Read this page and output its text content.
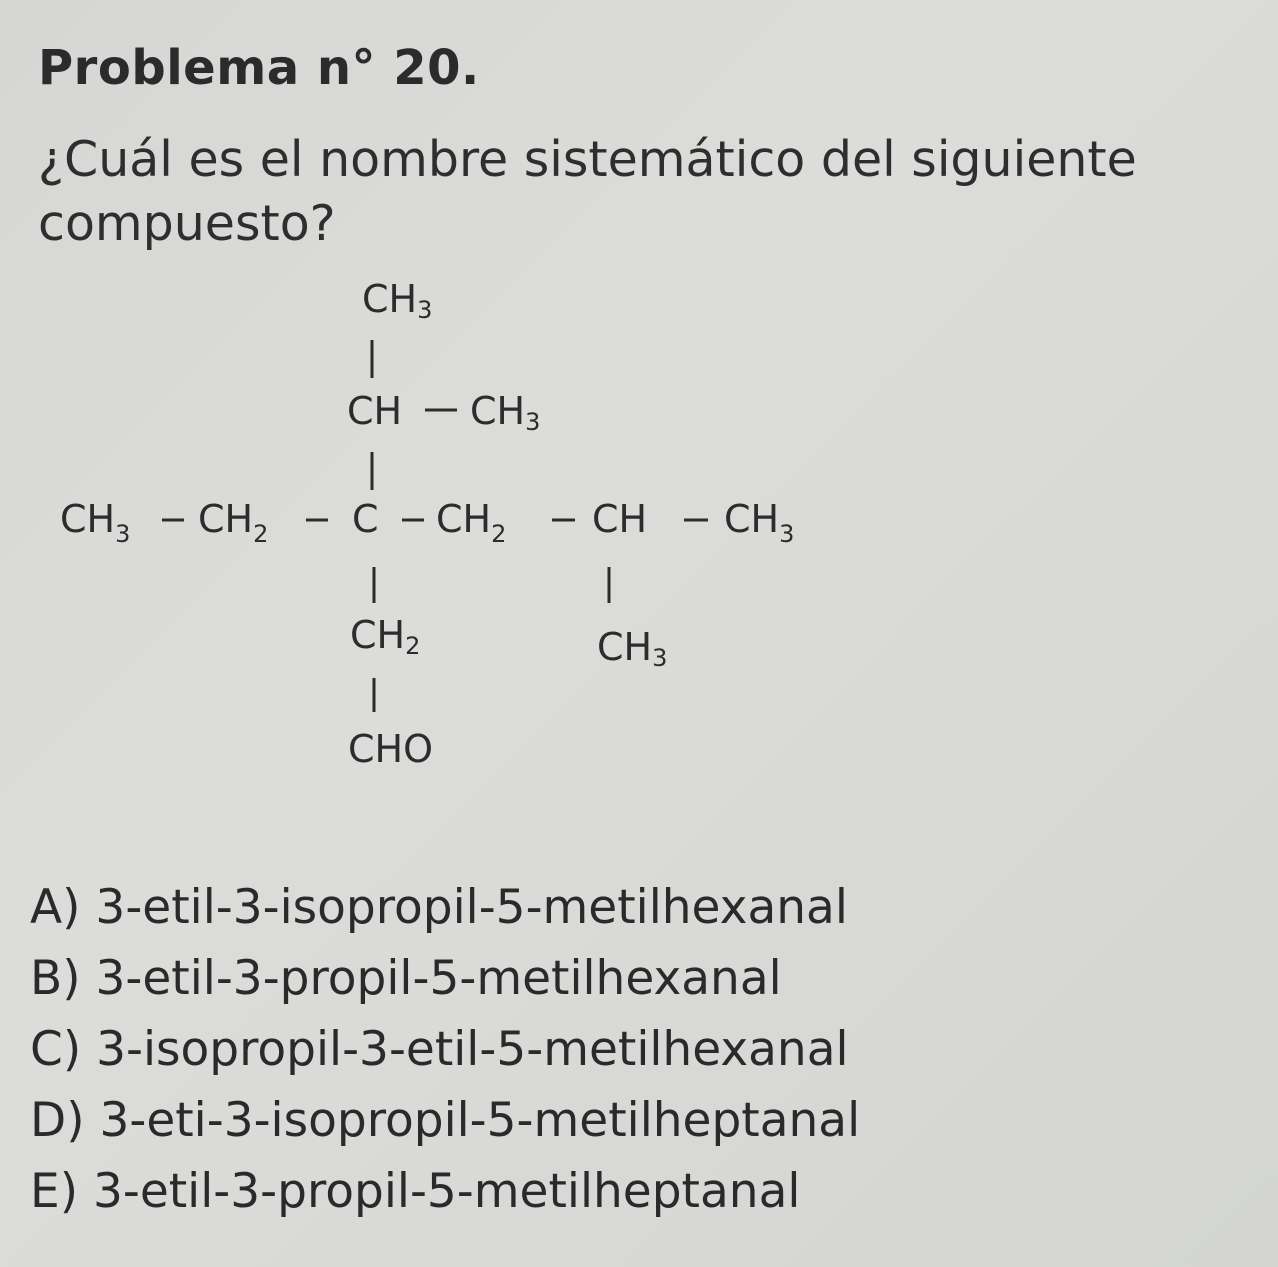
Problema n° 20.
¿Cuál es el nombre sistemático del siguiente
compuesto?
CH3
CH CH3
$CH_3$ $CH_2$ C $CH_2$ CH $CH_3$
CH2
CHO
CH3
A) 3-etil-3-isopropil-5-metilhexanal
B) 3-etil-3-propil-5-metilhexanal
C) 3-isopropil-3-etil-5-metilhexanal
D) 3-eti-3-isopropil-5-metilheptanal
E) 3-etil-3-propil-5-metilheptanal
